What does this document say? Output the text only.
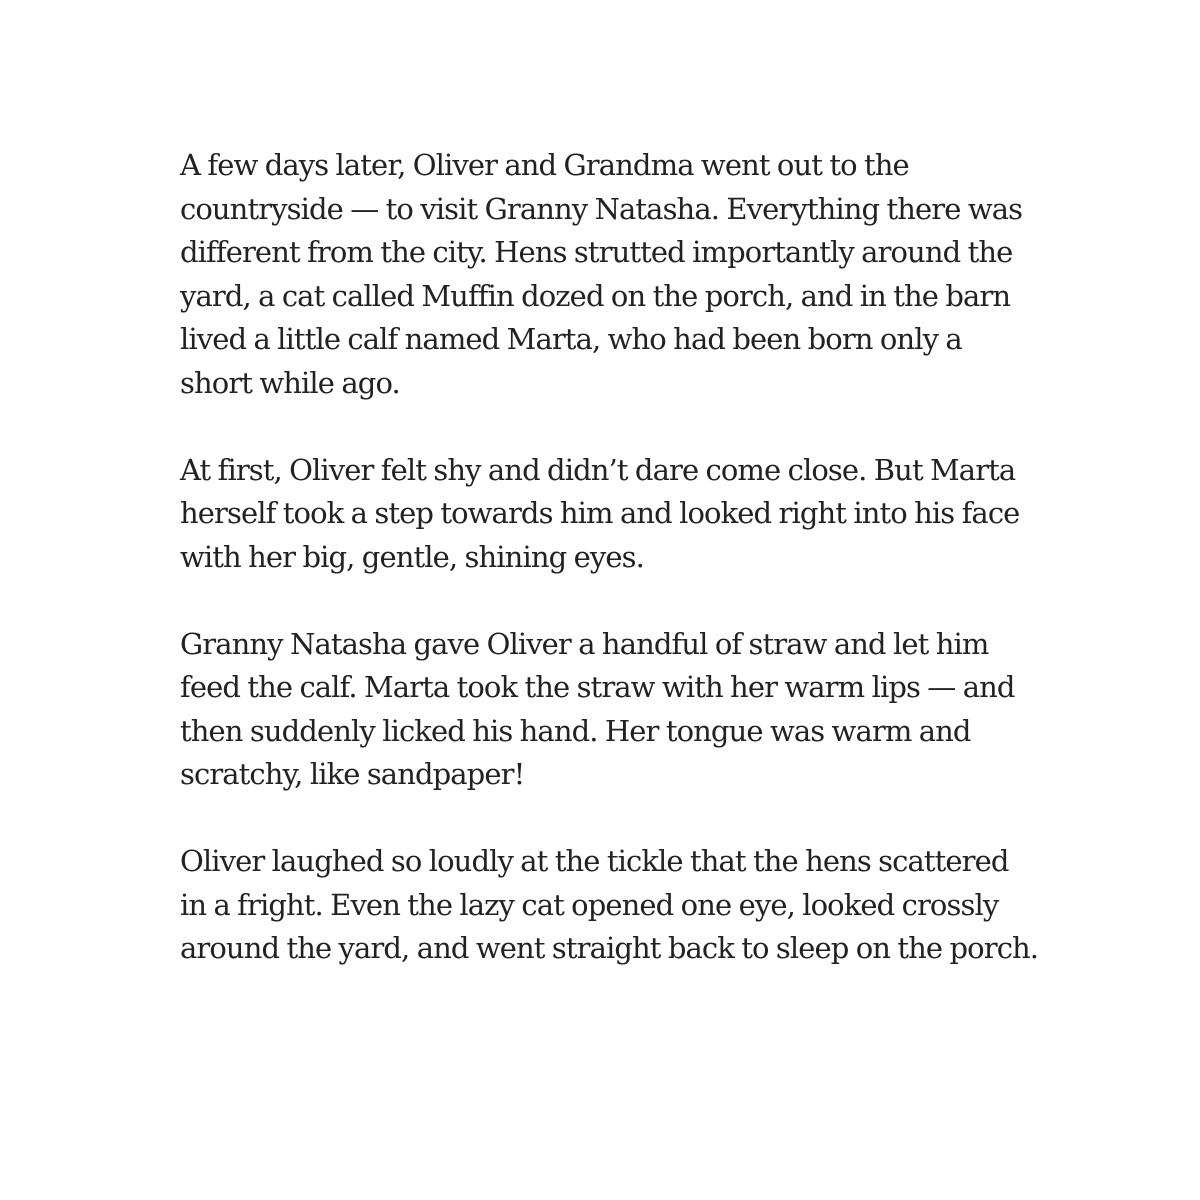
A few days later, Oliver and Grandma went out to the
countryside — to visit Granny Natasha. Everything there was
different from the city. Hens strutted importantly around the
yard, a cat called Muffin dozed on the porch, and in the barn
lived a little calf named Marta, who had been born only a
short while ago.

At first, Oliver felt shy and didn’t dare come close. But Marta
herself took a step towards him and looked right into his face
with her big, gentle, shining eyes.

Granny Natasha gave Oliver a handful of straw and let him
feed the calf. Marta took the straw with her warm lips — and
then suddenly licked his hand. Her tongue was warm and
scratchy, like sandpaper!

Oliver laughed so loudly at the tickle that the hens scattered
in a fright. Even the lazy cat opened one eye, looked crossly
around the yard, and went straight back to sleep on the porch.
